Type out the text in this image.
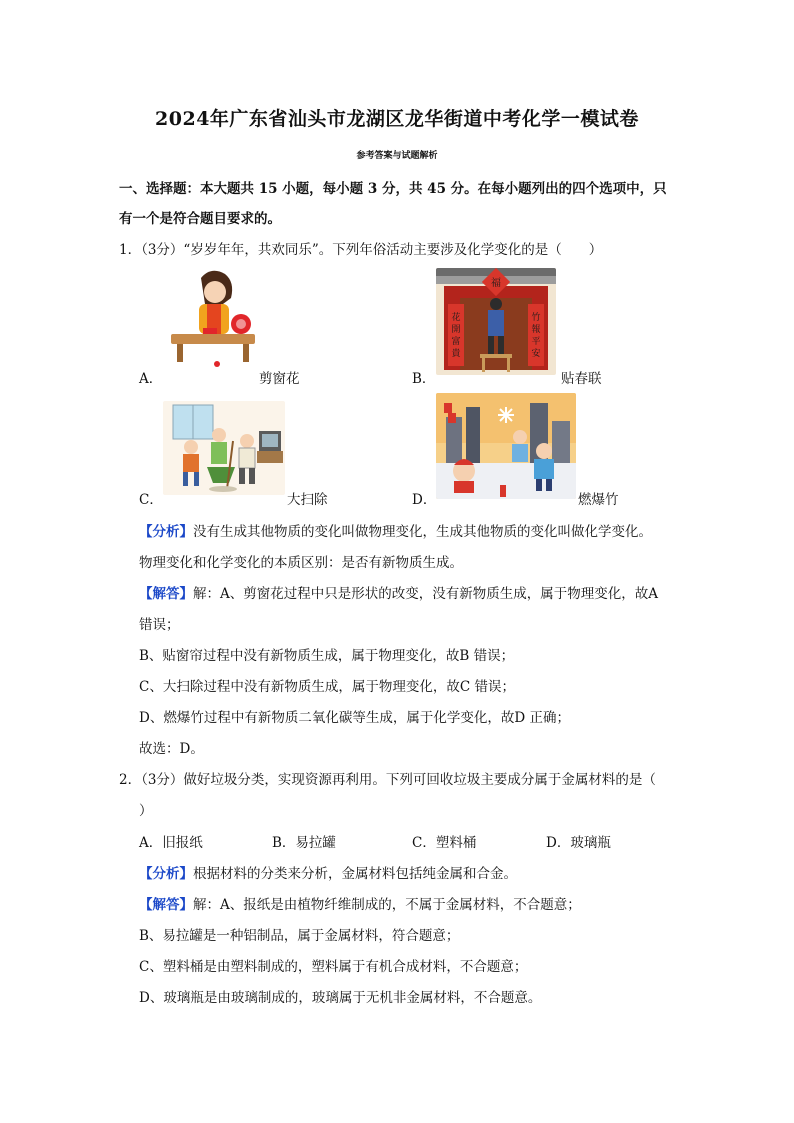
2024年广东省汕头市龙湖区龙华街道中考化学一模试卷
参考答案与试题解析
一、选择题：本大题共 15 小题，每小题 3 分，共 45 分。在每小题列出的四个选项中，只
有一个是符合题目要求的。
1．（3分）“岁岁年年，共欢同乐”。下列年俗活动主要涉及化学变化的是（　　）
A．	剪窗花
花
開
富
貴
竹
報
平
安
福
B．	贴春联
C．	大扫除	D．	燃爆竹
【分析】没有生成其他物质的变化叫做物理变化，生成其他物质的变化叫做化学变化。
物理变化和化学变化的本质区别：是否有新物质生成。
【解答】解：A、剪窗花过程中只是形状的改变，没有新物质生成，属于物理变化，故A
错误；
B、贴窗帘过程中没有新物质生成，属于物理变化，故B 错误；
C、大扫除过程中没有新物质生成，属于物理变化，故C 错误；
D、燃爆竹过程中有新物质二氧化碳等生成，属于化学变化，故D 正确；
故选：D。
2．（3分）做好垃圾分类，实现资源再利用。下列可回收垃圾主要成分属于金属材料的是（
）
A．旧报纸	B．易拉罐	C．塑料桶	D．玻璃瓶
【分析】根据材料的分类来分析，金属材料包括纯金属和合金。
【解答】解：A、报纸是由植物纤维制成的，不属于金属材料，不合题意；
B、易拉罐是一种铝制品，属于金属材料，符合题意；
C、塑料桶是由塑料制成的，塑料属于有机合成材料，不合题意；
D、玻璃瓶是由玻璃制成的，玻璃属于无机非金属材料，不合题意。
